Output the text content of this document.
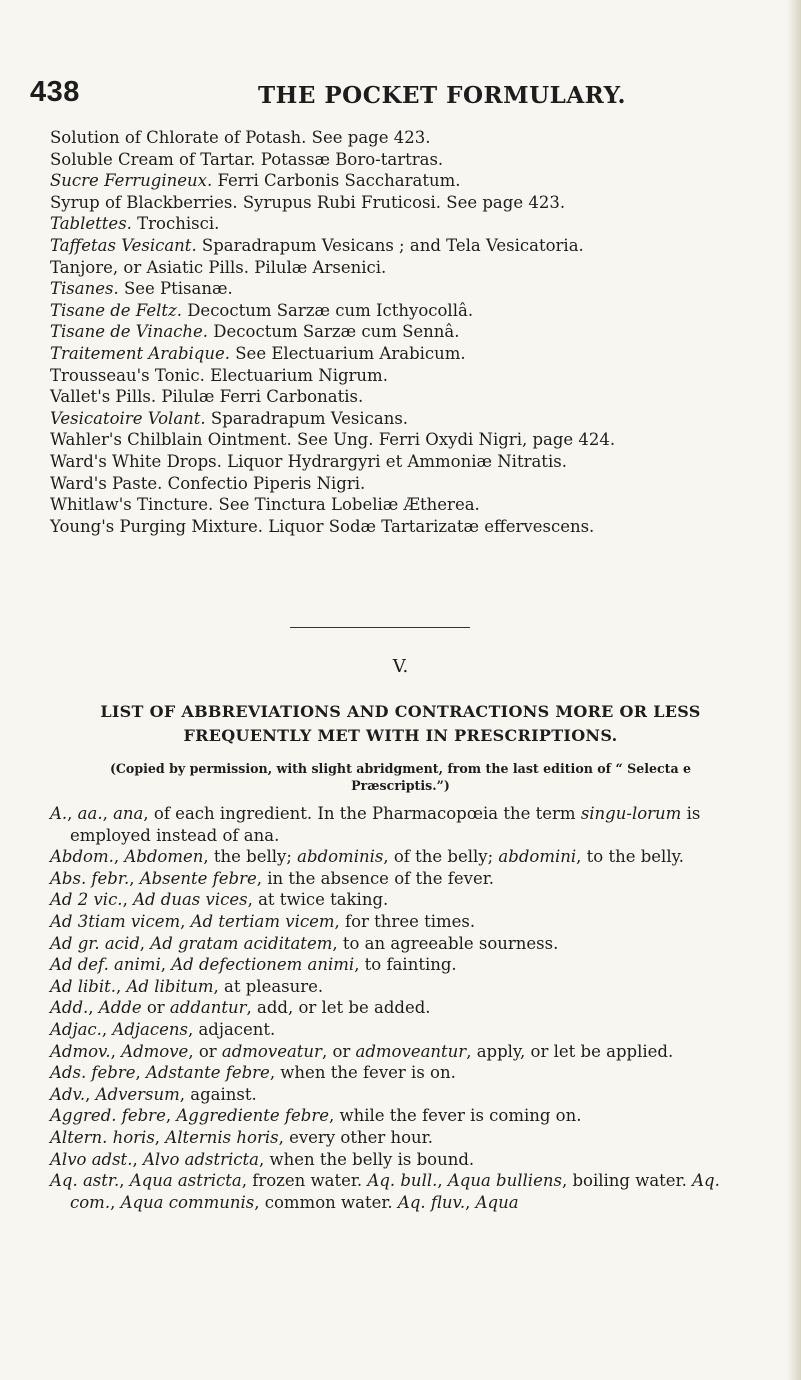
438	THE POCKET FORMULARY.
Solution of Chlorate of Potash. See page 423.
Soluble Cream of Tartar. Potassæ Boro-tartras.
Sucre Ferrugineux. Ferri Carbonis Saccharatum.
Syrup of Blackberries. Syrupus Rubi Fruticosi. See page 423.
Tablettes. Trochisci.
Taffetas Vesicant. Sparadrapum Vesicans ; and Tela Vesicatoria.
Tanjore, or Asiatic Pills. Pilulæ Arsenici.
Tisanes. See Ptisanæ.
Tisane de Feltz. Decoctum Sarzæ cum Icthyocollâ.
Tisane de Vinache. Decoctum Sarzæ cum Sennâ.
Traitement Arabique. See Electuarium Arabicum.
Trousseau's Tonic. Electuarium Nigrum.
Vallet's Pills. Pilulæ Ferri Carbonatis.
Vesicatoire Volant. Sparadrapum Vesicans.
Wahler's Chilblain Ointment. See Ung. Ferri Oxydi Nigri, page 424.
Ward's White Drops. Liquor Hydrargyri et Ammoniæ Nitratis.
Ward's Paste. Confectio Piperis Nigri.
Whitlaw's Tincture. See Tinctura Lobeliæ Ætherea.
Young's Purging Mixture. Liquor Sodæ Tartarizatæ effervescens.
V.
LIST OF ABBREVIATIONS AND CONTRACTIONS MORE OR LESS
FREQUENTLY MET WITH IN PRESCRIPTIONS.
(Copied by permission, with slight abridgment, from the last edition of “ Selecta e
Præscriptis.”)
A., aa., ana, of each ingredient. In the Pharmacopœia the term singu-lorum is employed instead of ana.
Abdom., Abdomen, the belly; abdominis, of the belly; abdomini, to the belly.
Abs. febr., Absente febre, in the absence of the fever.
Ad 2 vic., Ad duas vices, at twice taking.
Ad 3tiam vicem, Ad tertiam vicem, for three times.
Ad gr. acid, Ad gratam aciditatem, to an agreeable sourness.
Ad def. animi, Ad defectionem animi, to fainting.
Ad libit., Ad libitum, at pleasure.
Add., Adde or addantur, add, or let be added.
Adjac., Adjacens, adjacent.
Admov., Admove, or admoveatur, or admoveantur, apply, or let be applied.
Ads. febre, Adstante febre, when the fever is on.
Adv., Adversum, against.
Aggred. febre, Aggrediente febre, while the fever is coming on.
Altern. horis, Alternis horis, every other hour.
Alvo adst., Alvo adstricta, when the belly is bound.
Aq. astr., Aqua astricta, frozen water. Aq. bull., Aqua bulliens, boiling water. Aq. com., Aqua communis, common water. Aq. fluv., Aqua
